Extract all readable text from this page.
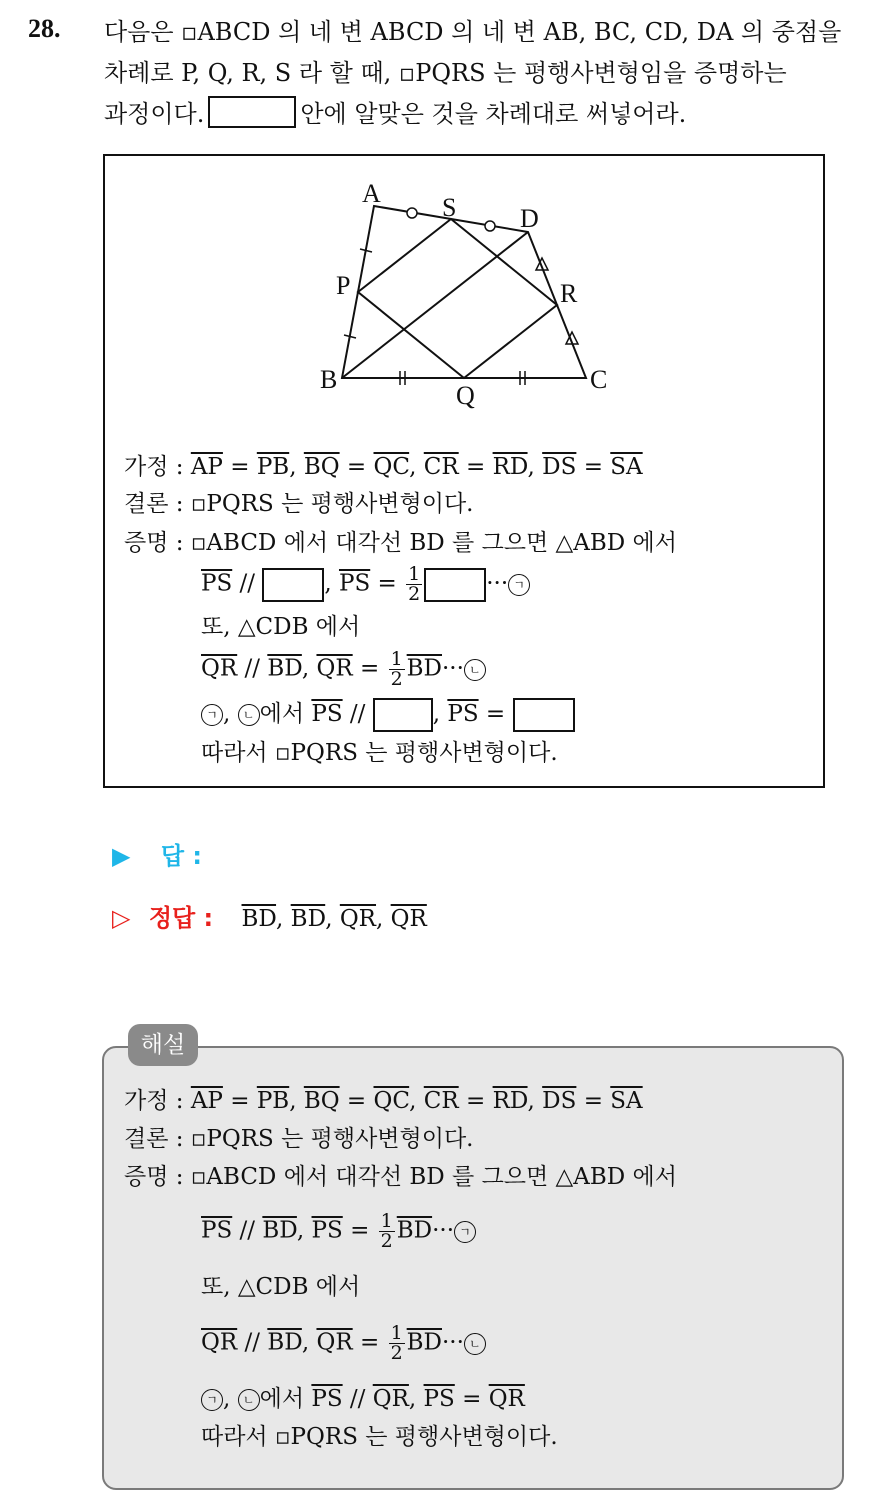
28. 다음은 ▫ABCD 의 네 변 ABCD 의 네 변 AB, BC, CD, DA 의 중점을
차례로 P, Q, R, S 라 할 때, ▫PQRS 는 평행사변형임을 증명하는
과정이다.	안에 알맞은 것을 차례대로 써넣어라.
A
B	C
D
P
Q
R
S
가정 : $\overline{AP} = \overline{PB}$, $\overline{BQ} = \overline{QC}$, $\overline{CR} = \overline{RD}$, $\overline{DS} = \overline{SA}$
결론 : ▫PQRS 는 평행사변형이다.
증명 : ▫ABCD 에서 대각선 BD 를 그으면 △ABD 에서
$\overline{PS}$ //	, $\overline{PS} = \frac{1}{2}$	··· ㄱ
또, △CDB 에서
$\overline{QR} // \overline{BD}$, $\overline{QR} = \frac{1}{2} \overline{BD}\cdot\cdot\cdot$ ㄴ
ㄱ , ㄴ 에서 $\overline{PS}$ //	, $\overline{PS}$ =
따라서 ▫PQRS 는 평행사변형이다.
▶ 답 :
▷ 정답 : $\overline{BD}$, $\overline{BD}$, $\overline{QR}$, $\overline{QR}$
해설
가정 : $\overline{AP} = \overline{PB}$, $\overline{BQ} = \overline{QC}$, $\overline{CR} = \overline{RD}$, $\overline{DS} = \overline{SA}$
결론 : ▫PQRS 는 평행사변형이다.
증명 : ▫ABCD 에서 대각선 BD 를 그으면 △ABD 에서
$\overline{PS} // \overline{BD}$, $\overline{PS} = \frac{1}{2} \overline{BD}\cdot\cdot\cdot$ ㄱ
또, △CDB 에서
$\overline{QR} // \overline{BD}$, $\overline{QR} = \frac{1}{2} \overline{BD}\cdot\cdot\cdot$ ㄴ
ㄱ , ㄴ 에서 $\overline{PS} // \overline{QR}$, $\overline{PS} = \overline{QR}$
따라서 ▫PQRS 는 평행사변형이다.
